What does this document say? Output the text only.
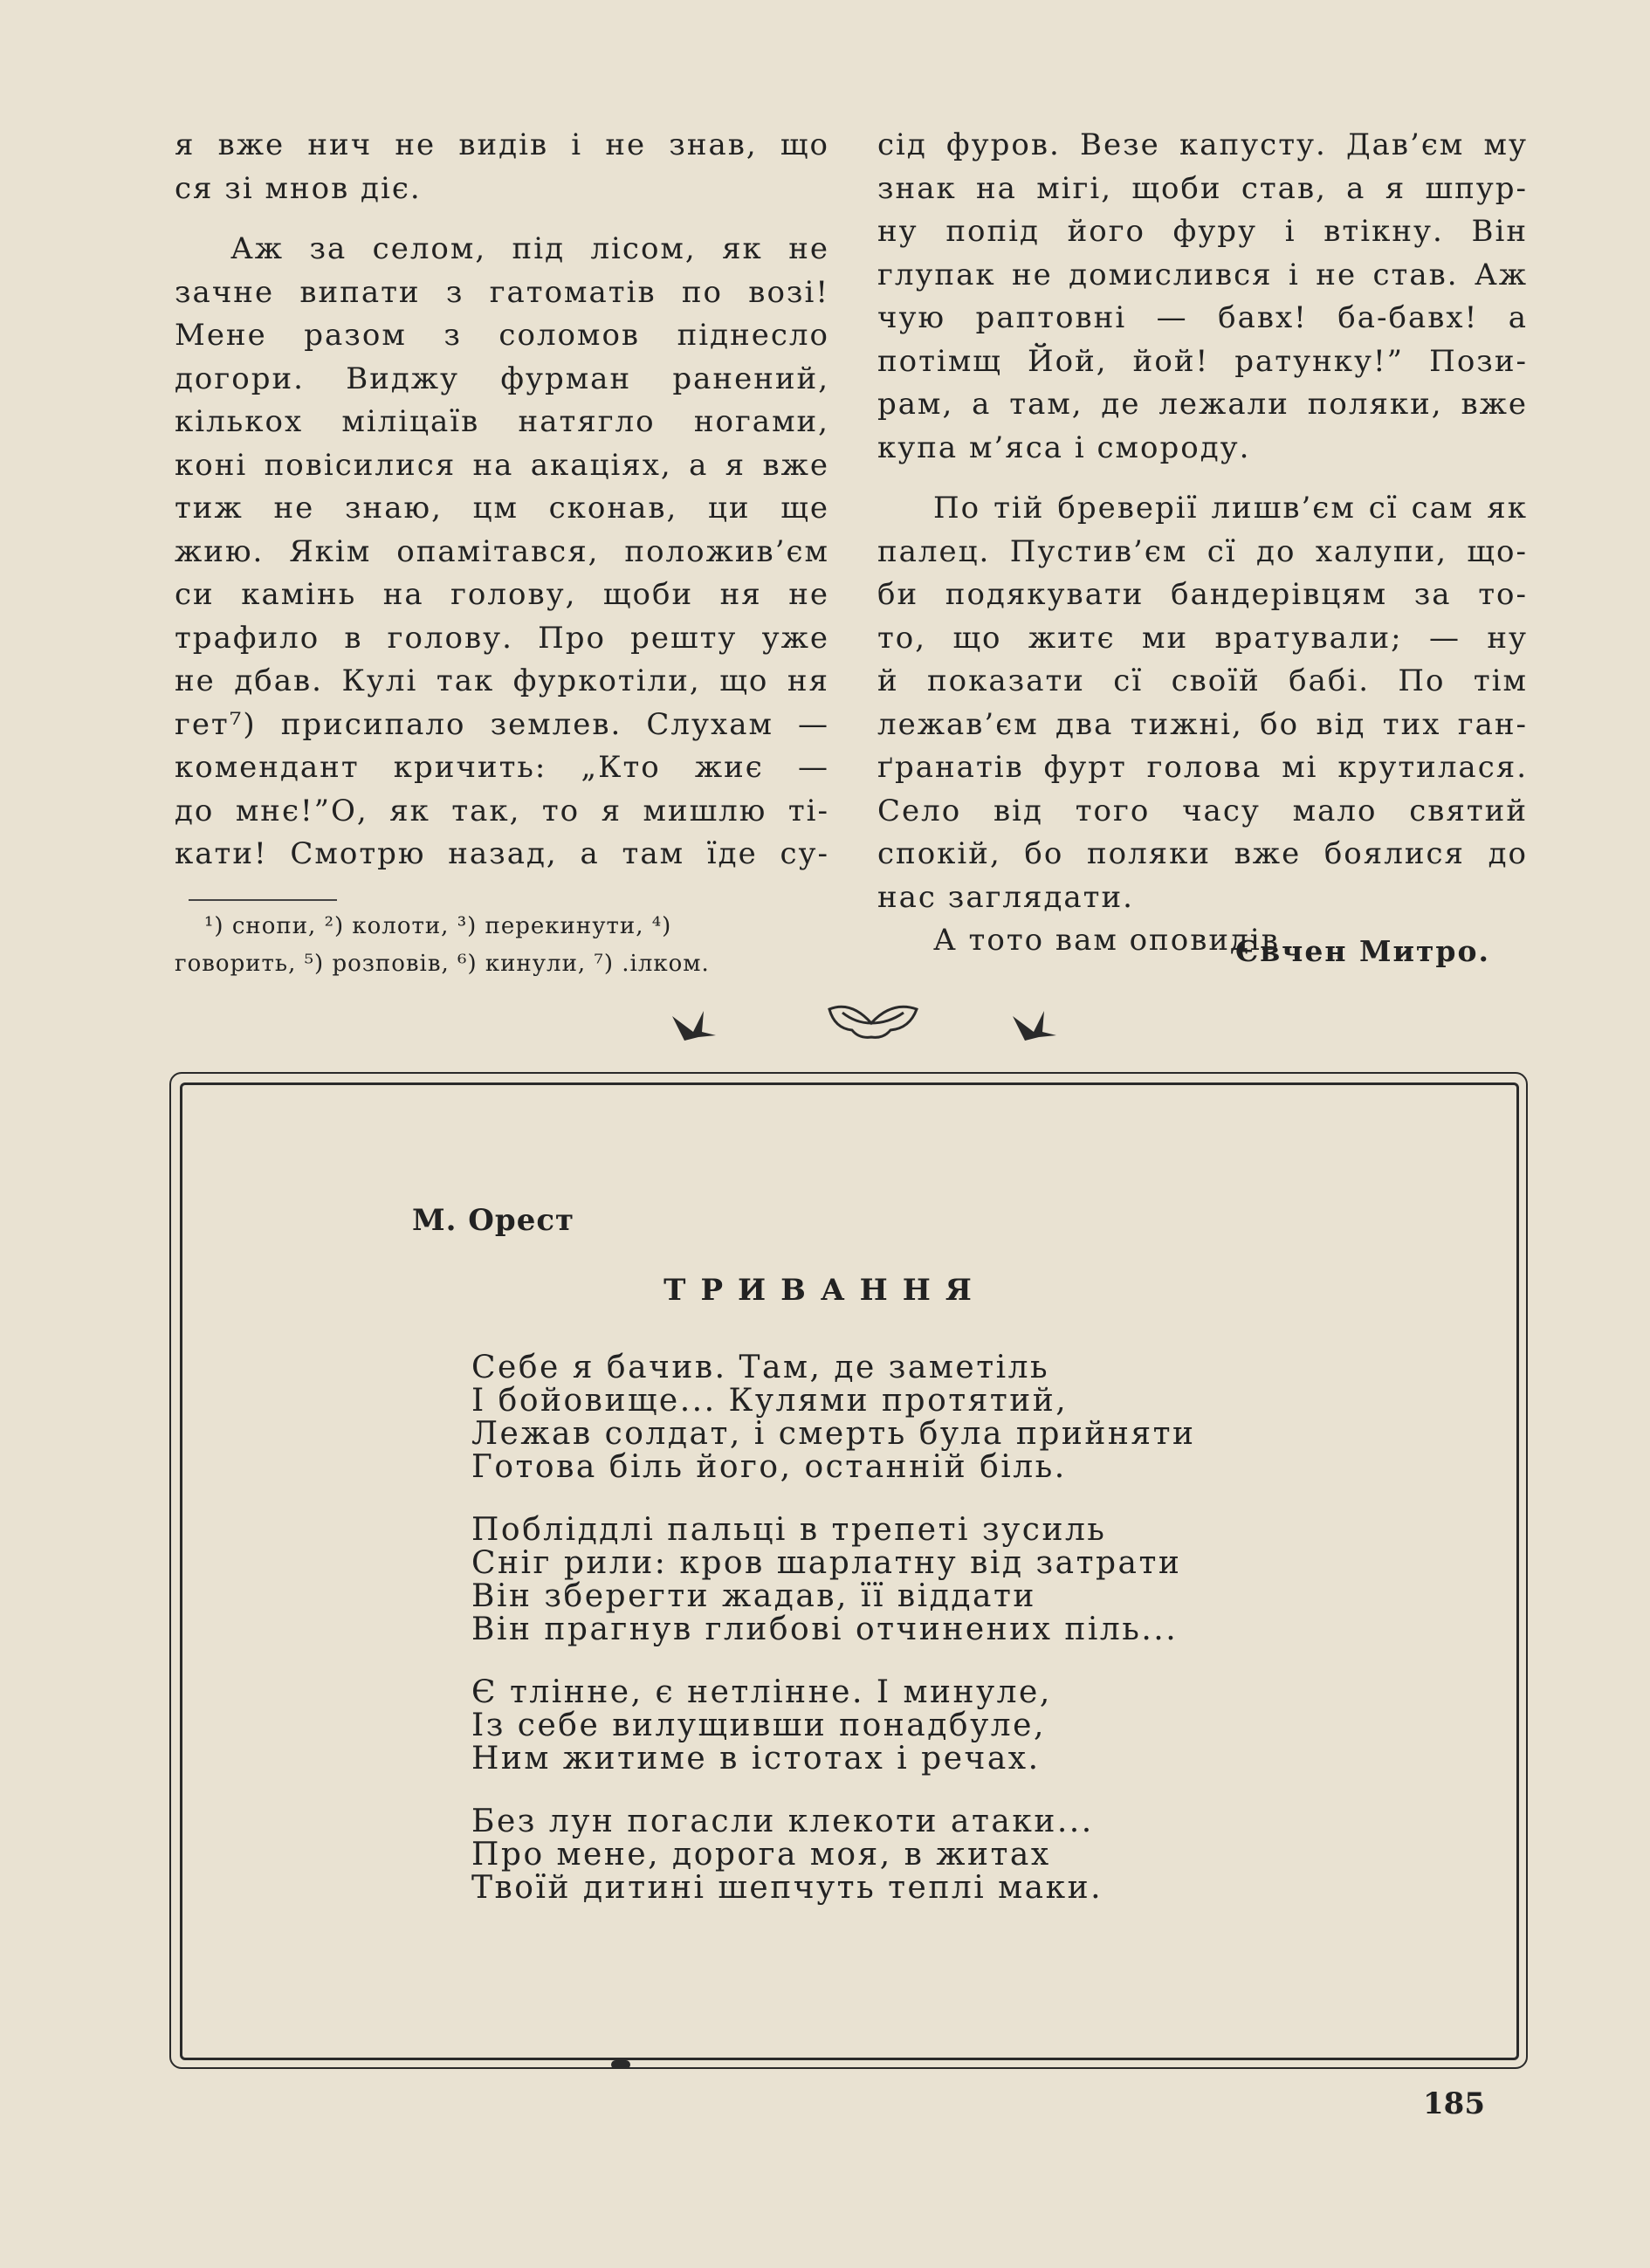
я вже нич не видів і не знав, що
ся зі мнов діє.

Аж за селом, під лісом, як не
зачне випати з гатоматів по возі!
Мене разом з соломов піднесло
догори. Виджу фурман ранений,
кількох міліцаїв натягло ногами,
коні повісилися на акаціях, а я вже
тиж не знаю, цм сконав, ци ще
жию. Якім опамітався, положив’єм
си камінь на голову, щоби ня не
трафило в голову. Про решту уже
не дбав. Кулі так фуркотіли, що ня
гет⁷) присипало землев. Слухам —
комендант кричить: „Кто жиє —
до мнє!”О, як так, то я мишлю ті-
кати! Смотрю назад, а там їде су-

¹) снопи, ²) колоти, ³) перекинути, ⁴)
говорить, ⁵) розповів, ⁶) кинули, ⁷) .ілком.

сід фуров. Везе капусту. Дав’єм му
знак на мігі, щоби став, а я шпур-
ну попід його фуру і втікну. Він
глупак не домислився і не став. Аж
чую раптовні — бавх! ба-бавх! а
потімщ Йой, йой! ратунку!” Пози-
рам, а там, де лежали поляки, вже
купа м’яса і смороду.

По тій бреверії лишв’єм сї сам як
палец. Пустив’єм сї до халупи, що-
би подякувати бандерівцям за то-
то, що житє ми вратували; — ну
й показати сї своїй бабі. По тім
лежав’єм два тижні, бо від тих ган-
ґранатів фурт голова мі крутилася.
Село від того часу мало святий
спокій, бо поляки вже боялися до
нас заглядати.

А тото вам оповидів

Євчен Митро.
М. Орест
ТРИВАННЯ
Себе я бачив. Там, де заметіль
І бойовище... Кулями протятий,
Лежав солдат, і смерть була прийняти
Готова біль його, останній біль.
Побліддлі пальці в трепеті зусиль
Сніг рили: кров шарлатну від затрати
Він зберегти жадав, її віддати
Він прагнув глибові отчинених піль...
Є тлінне, є нетлінне. І минуле,
Із себе вилущивши понадбуле,
Ним житиме в істотах і речах.
Без лун погасли клекоти атаки...
Про мене, дорога моя, в житах
Твоїй дитині шепчуть теплі маки.
185
